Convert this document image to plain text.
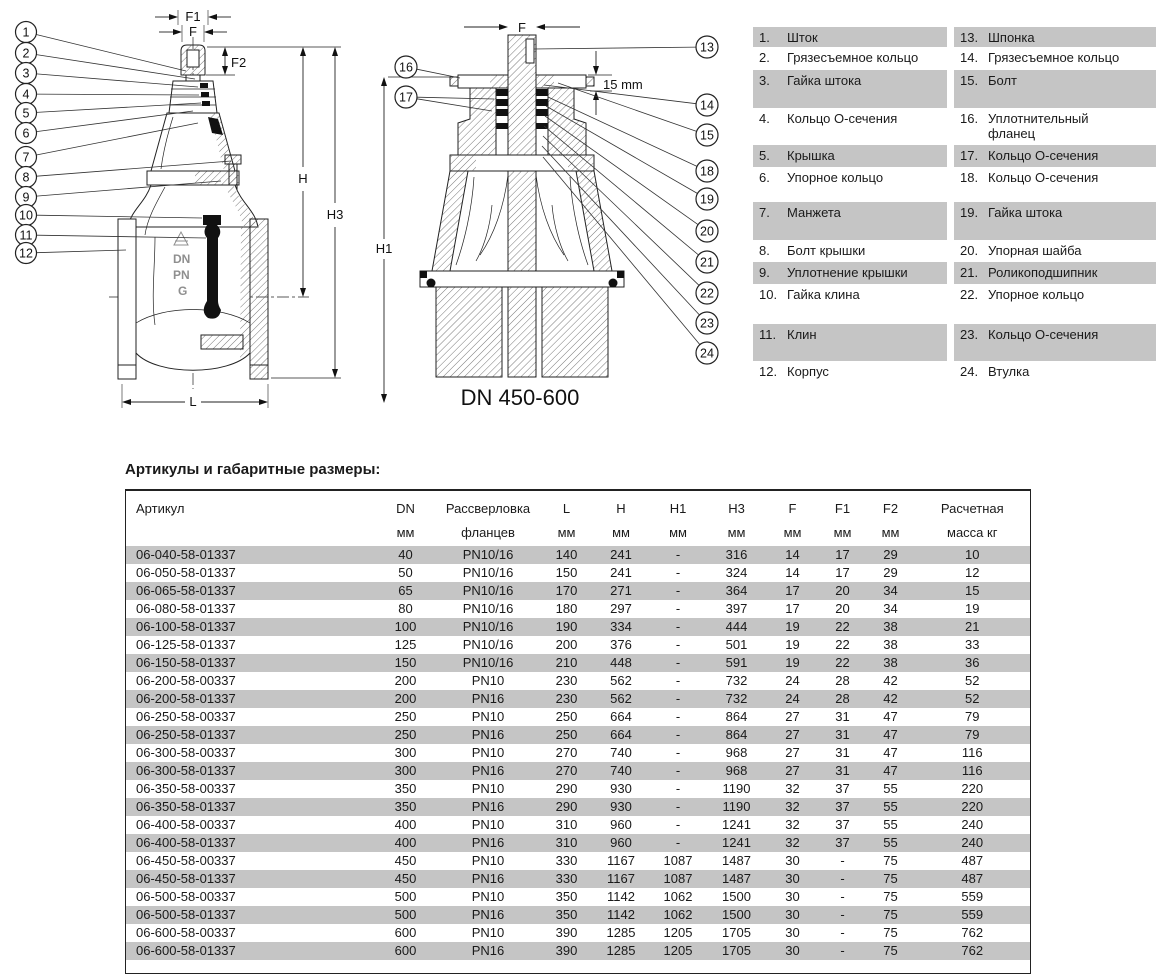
DN
PN
G
F1
F
F2
H
H3
L
1
2
3
4
5
6
7
8
9
10
11
12
F
15 mm
H1
DN 450-600
13
14
15
18
19
20
21
22
23
24
16
17
1.	Шток	13. Шпонка
2.	Грязесъемное кольцо	14. Грязесъемное кольцо
3.	Гайка штока	15. Болт
4.	Кольцо О-сечения	16. Уплотнительный фланец
5.	Крышка	17. Кольцо О-сечения
6.	Упорное кольцо	18. Кольцо О-сечения
7.	Манжета	19. Гайка штока
8.	Болт крышки	20. Упорная шайба
9.	Уплотнение крышки	21. Роликоподшипник
10. Гайка клина	22. Упорное кольцо
11. Клин	23. Кольцо О-сечения
12. Корпус	24. Втулка
Артикулы и габаритные размеры:
Артикул	DN	Рассверловка	L	H	H1	H3	F	F1	F2	Расчетная
	мм	фланцев	мм	мм	мм	мм	мм	мм	мм	масса кг
06-040-58-01337	40	PN10/16	140	241	-	316	14	17	29	10
06-050-58-01337	50	PN10/16	150	241	-	324	14	17	29	12
06-065-58-01337	65	PN10/16	170	271	-	364	17	20	34	15
06-080-58-01337	80	PN10/16	180	297	-	397	17	20	34	19
06-100-58-01337	100	PN10/16	190	334	-	444	19	22	38	21
06-125-58-01337	125	PN10/16	200	376	-	501	19	22	38	33
06-150-58-01337	150	PN10/16	210	448	-	591	19	22	38	36
06-200-58-00337	200	PN10	230	562	-	732	24	28	42	52
06-200-58-01337	200	PN16	230	562	-	732	24	28	42	52
06-250-58-00337	250	PN10	250	664	-	864	27	31	47	79
06-250-58-01337	250	PN16	250	664	-	864	27	31	47	79
06-300-58-00337	300	PN10	270	740	-	968	27	31	47	116
06-300-58-01337	300	PN16	270	740	-	968	27	31	47	116
06-350-58-00337	350	PN10	290	930	-	1190	32	37	55	220
06-350-58-01337	350	PN16	290	930	-	1190	32	37	55	220
06-400-58-00337	400	PN10	310	960	-	1241	32	37	55	240
06-400-58-01337	400	PN16	310	960	-	1241	32	37	55	240
06-450-58-00337	450	PN10	330	1167	1087	1487	30	-	75	487
06-450-58-01337	450	PN16	330	1167	1087	1487	30	-	75	487
06-500-58-00337	500	PN10	350	1142	1062	1500	30	-	75	559
06-500-58-01337	500	PN16	350	1142	1062	1500	30	-	75	559
06-600-58-00337	600	PN10	390	1285	1205	1705	30	-	75	762
06-600-58-01337	600	PN16	390	1285	1205	1705	30	-	75	762
